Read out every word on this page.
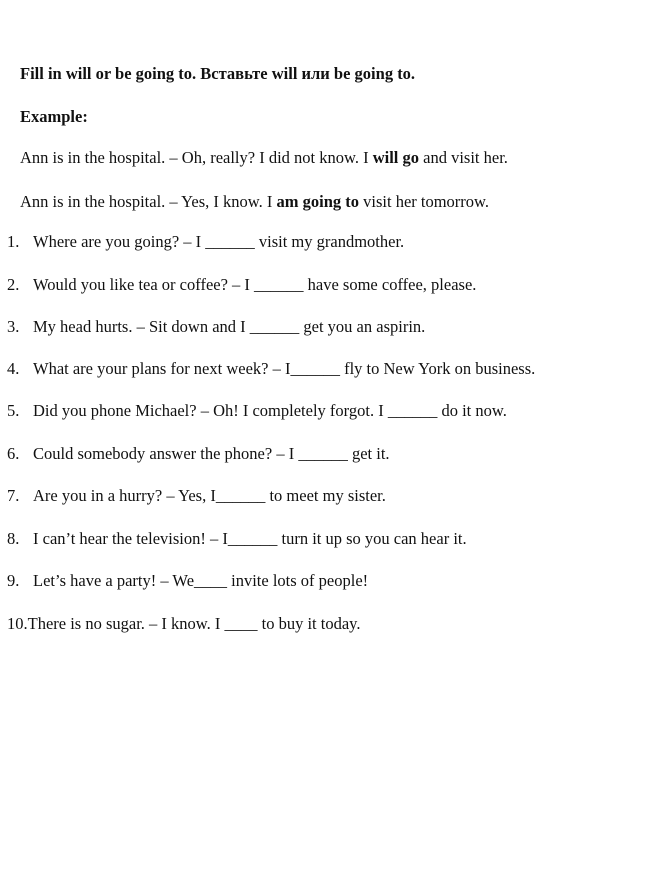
Fill in will or be going to. Вставьте will или be going to.
Example:
Ann is in the hospital. – Oh, really? I did not know. I will go and visit her.
Ann is in the hospital. – Yes, I know. I am going to visit her tomorrow.
1. Where are you going? – I ______ visit my grandmother.
2. Would you like tea or coffee? – I ______ have some coffee, please.
3. My head hurts. – Sit down and I ______ get you an aspirin.
4. What are your plans for next week? – I______ fly to New York on business.
5. Did you phone Michael? – Oh! I completely forgot. I ______ do it now.
6. Could somebody answer the phone? – I ______ get it.
7. Are you in a hurry? – Yes, I______ to meet my sister.
8. I can’t hear the television! – I______ turn it up so you can hear it.
9. Let’s have a party! – We____ invite lots of people!
10.There is no sugar. – I know. I ____ to buy it today.
